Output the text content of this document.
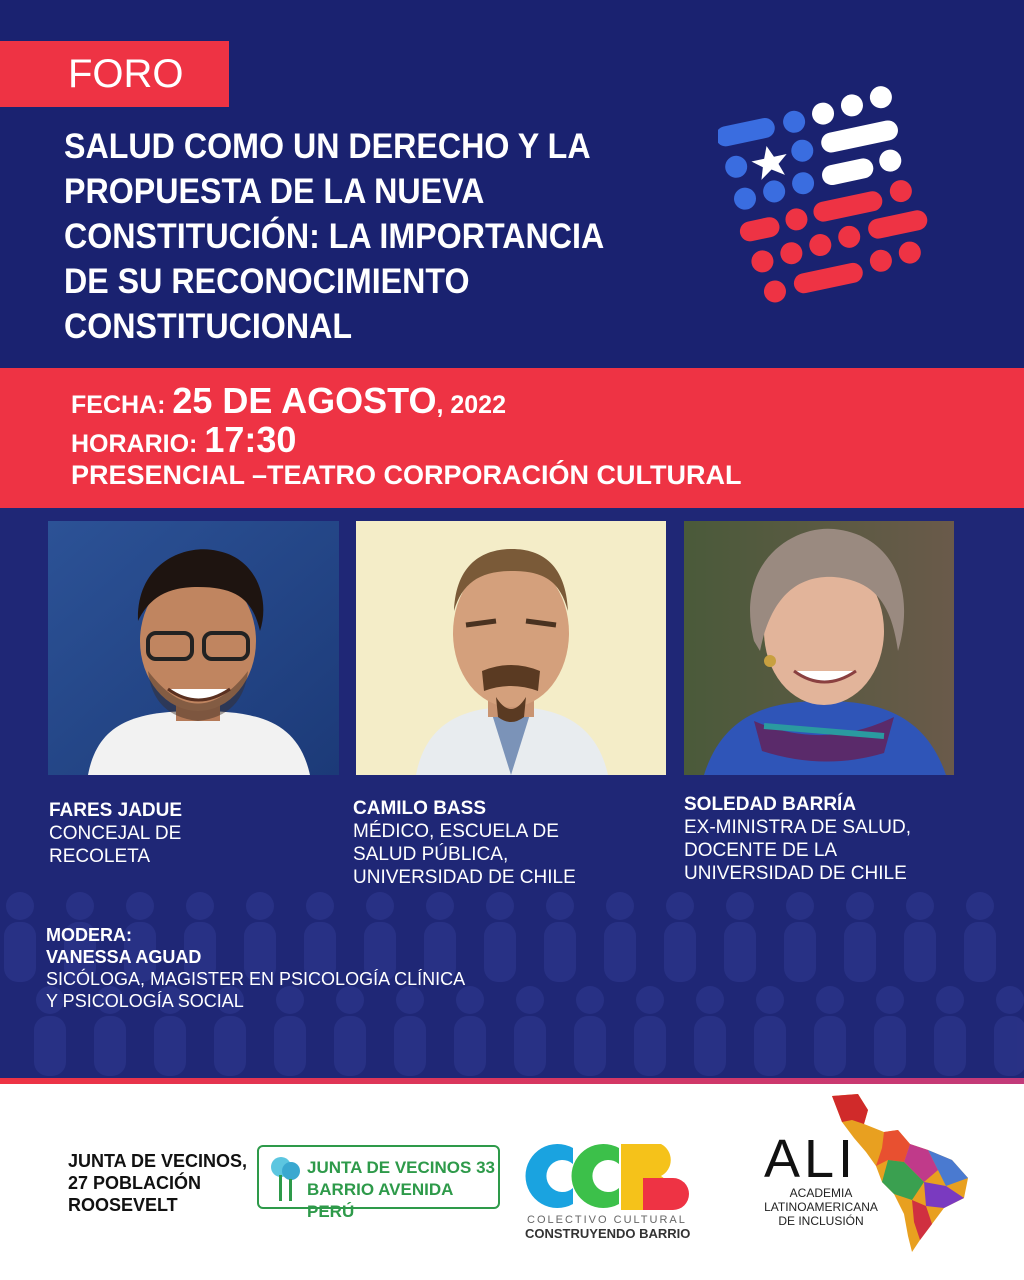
FORO
SALUD COMO UN DERECHO Y LA PROPUESTA DE LA NUEVA CONSTITUCIÓN: LA IMPORTANCIA DE SU RECONOCIMIENTO CONSTITUCIONAL
FECHA: 25 DE AGOSTO, 2022
HORARIO: 17:30
PRESENCIAL –TEATRO CORPORACIÓN CULTURAL
FARES JADUE
CONCEJAL DE
RECOLETA
CAMILO BASS
MÉDICO, ESCUELA DE
SALUD PÚBLICA,
UNIVERSIDAD DE CHILE
SOLEDAD BARRÍA
EX-MINISTRA DE SALUD,
DOCENTE DE LA
UNIVERSIDAD DE CHILE
MODERA:
VANESSA AGUAD
SICÓLOGA, MAGISTER EN PSICOLOGÍA CLÍNICA
Y PSICOLOGÍA SOCIAL
JUNTA DE VECINOS,
27 POBLACIÓN
ROOSEVELT
JUNTA DE VECINOS 33
BARRIO AVENIDA PERÚ	COLECTIVO CULTURAL
CONSTRUYENDO BARRIO
ALI
ACADEMIA
LATINOAMERICANA
DE INCLUSIÓN
